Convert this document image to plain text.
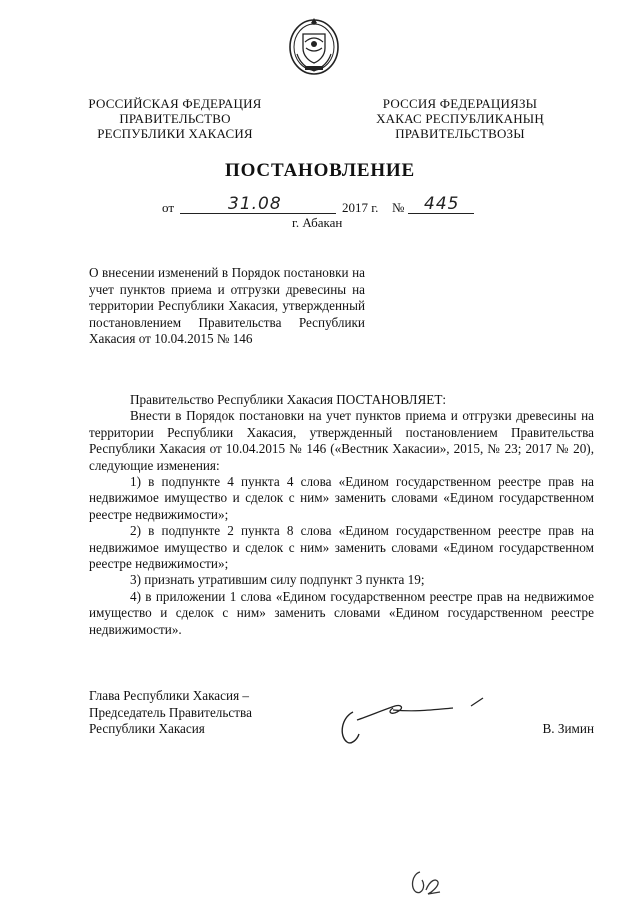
РОССИЙСКАЯ ФЕДЕРАЦИЯ
ПРАВИТЕЛЬСТВО
РЕСПУБЛИКИ ХАКАСИЯ
РОССИЯ ФЕДЕРАЦИЯЗЫ
ХАКАС РЕСПУБЛИКАНЫҢ
ПРАВИТЕЛЬСТВОЗЫ
ПОСТАНОВЛЕНИЕ
от	31.08	2017 г. № 445
г. Абакан
О внесении изменений в Порядок постановки на учет пунктов приема и отгрузки древесины на территории Республики Хакасия, утвержденный постановлением Правительства Республики Хакасия от 10.04.2015 № 146

Правительство Республики Хакасия ПОСТАНОВЛЯЕТ:

Внести в Порядок постановки на учет пунктов приема и отгрузки древесины на территории Республики Хакасия, утвержденный постановлением Правительства Республики Хакасия от 10.04.2015 № 146 («Вестник Хакасии», 2015, № 23; 2017 № 20), следующие изменения:

1) в подпункте 4 пункта 4 слова «Едином государственном реестре прав на недвижимое имущество и сделок с ним» заменить словами «Едином государственном реестре недвижимости»;

2) в подпункте 2 пункта 8 слова «Едином государственном реестре прав на недвижимое имущество и сделок с ним» заменить словами «Едином государственном реестре недвижимости»;

3) признать утратившим силу подпункт 3 пункта 19;

4) в приложении 1 слова «Едином государственном реестре прав на недвижимое имущество и сделок с ним» заменить словами «Едином государственном реестре недвижимости».

Глава Республики Хакасия –
Председатель Правительства
Республики Хакасия	В. Зимин
